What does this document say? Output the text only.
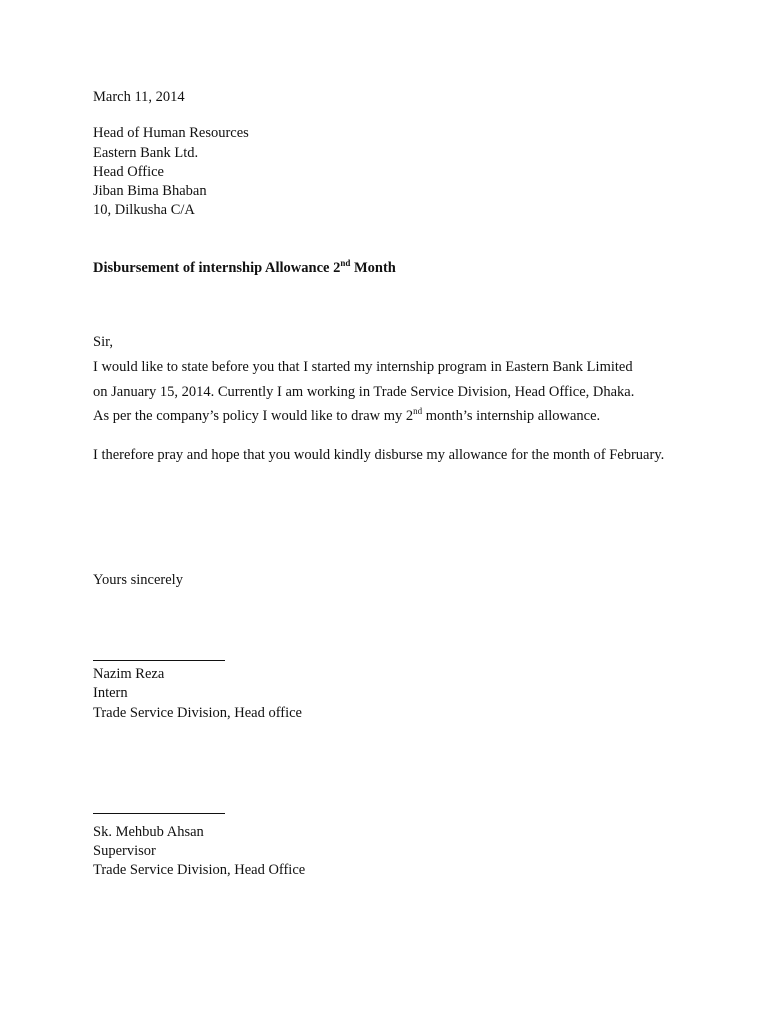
March 11, 2014
Head of Human Resources
Eastern Bank Ltd.
Head Office
Jiban Bima Bhaban
10, Dilkusha C/A
Disbursement of internship Allowance 2nd Month
Sir,
I would like to state before you that I started my internship program in Eastern Bank Limited
on January 15, 2014. Currently I am working in Trade Service Division, Head Office, Dhaka.
As per the company’s policy I would like to draw my 2nd month’s internship allowance.
I therefore pray and hope that you would kindly disburse my allowance for the month of February.
Yours sincerely
Nazim Reza
Intern
Trade Service Division, Head office
Sk. Mehbub Ahsan
Supervisor
Trade Service Division, Head Office
